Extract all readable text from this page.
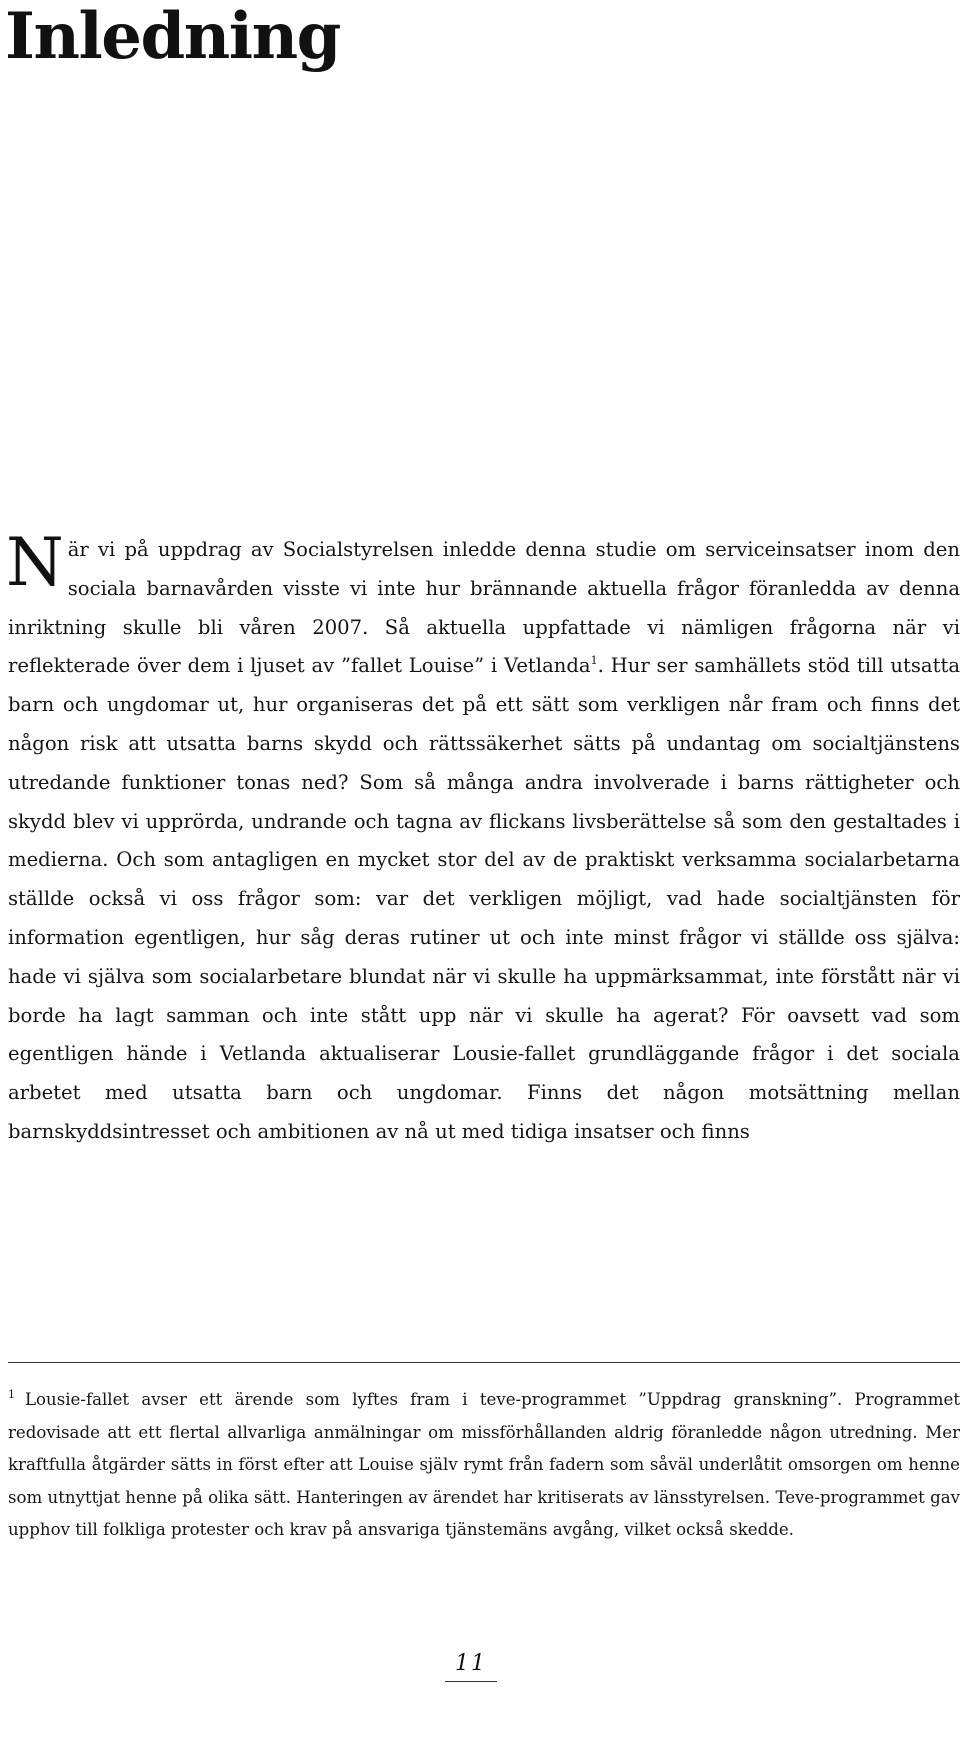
Inledning

När vi på uppdrag av Socialstyrelsen inledde denna studie om serviceinsatser inom den sociala barnavården visste vi inte hur brännande aktuella frågor föranledda av denna inriktning skulle bli våren 2007. Så aktuella uppfattade vi nämligen frågorna när vi reflekterade över dem i ljuset av ”fallet Louise” i Vetlanda$^1$. Hur ser samhällets stöd till utsatta barn och ungdomar ut, hur organiseras det på ett sätt som verkligen når fram och finns det någon risk att utsatta barns skydd och rättssäkerhet sätts på undantag om socialtjänstens utredande funktioner tonas ned? Som så många andra involverade i barns rättigheter och skydd blev vi upprörda, undrande och tagna av flickans livsberättelse så som den gestaltades i medierna. Och som antagligen en mycket stor del av de praktiskt verksamma socialarbetarna ställde också vi oss frågor som: var det verkligen möjligt, vad hade socialtjänsten för information egentligen, hur såg deras rutiner ut och inte minst frågor vi ställde oss själva: hade vi själva som socialarbetare blundat när vi skulle ha uppmärksammat, inte förstått när vi borde ha lagt samman och inte stått upp när vi skulle ha agerat? För oavsett vad som egentligen hände i Vetlanda aktualiserar Lousie-fallet grundläggande frågor i det sociala arbetet med utsatta barn och ungdomar. Finns det någon motsättning mellan barnskyddsintresset och ambitionen av nå ut med tidiga insatser och finns

1 Lousie-fallet avser ett ärende som lyftes fram i teve-programmet ”Uppdrag granskning”. Programmet redovisade att ett flertal allvarliga anmälningar om missförhållanden aldrig föranledde någon utredning. Mer kraftfulla åtgärder sätts in först efter att Louise själv rymt från fadern som såväl underlåtit omsorgen om henne som utnyttjat henne på olika sätt. Hanteringen av ärendet har kritiserats av länsstyrelsen. Teve-programmet gav upphov till folkliga protester och krav på ansvariga tjänstemäns avgång, vilket också skedde.

11
